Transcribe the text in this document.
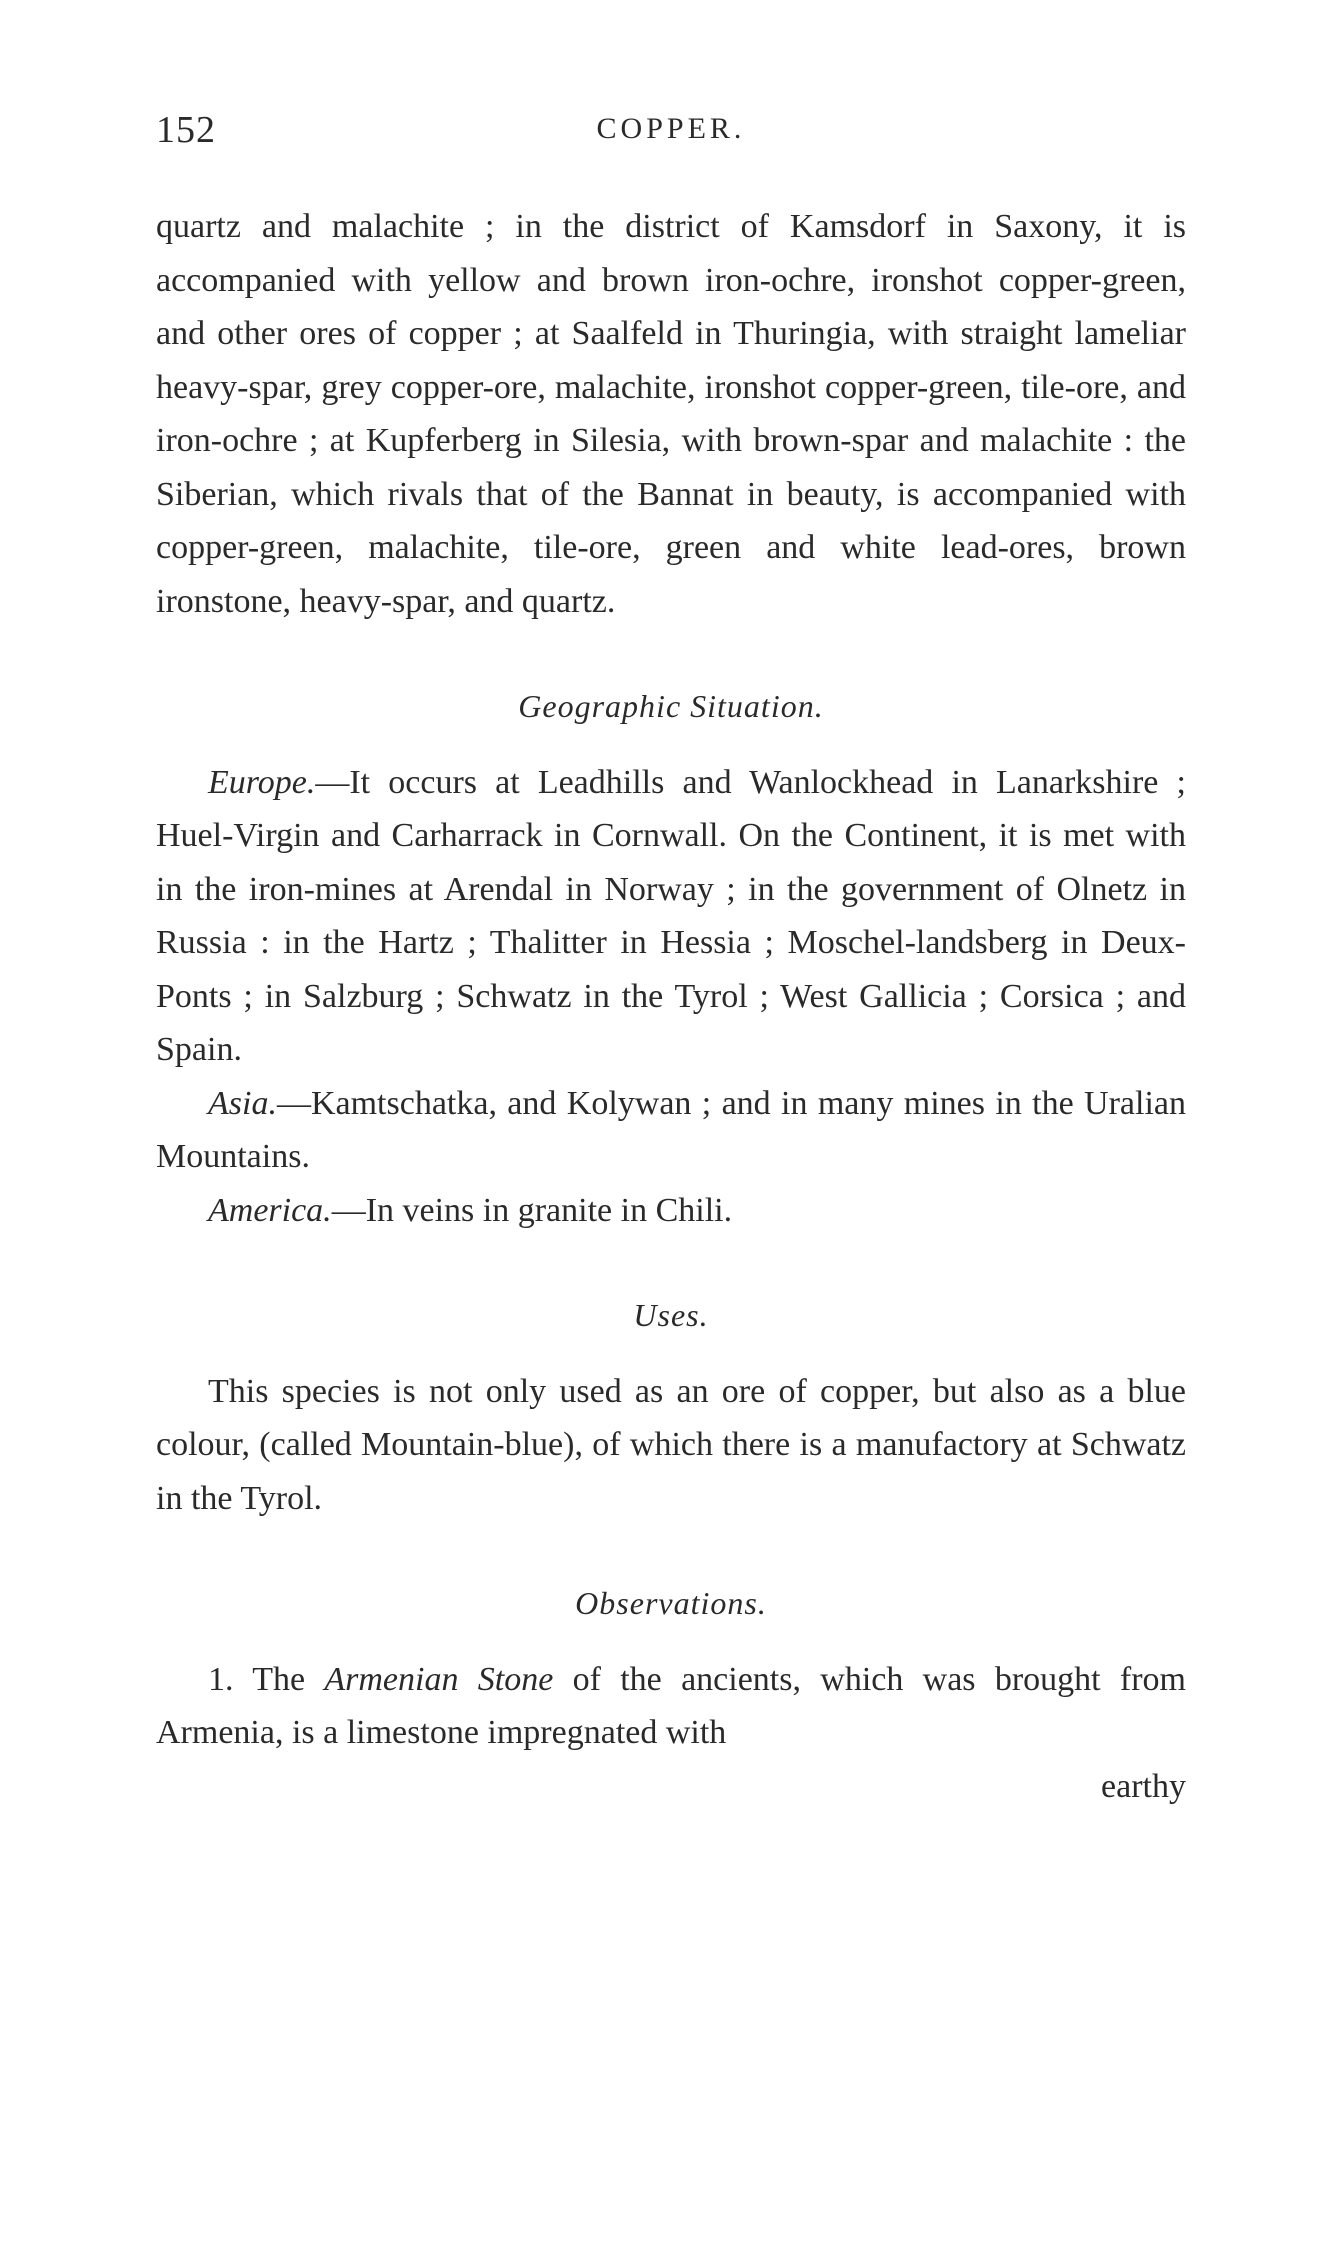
152	COPPER.

quartz and malachite ; in the district of Kamsdorf in Saxony, it is accompanied with yellow and brown iron-ochre, ironshot copper-green, and other ores of copper ; at Saalfeld in Thuringia, with straight lameliar heavy-spar, grey copper-ore, malachite, ironshot copper-green, tile-ore, and iron-ochre ; at Kupferberg in Silesia, with brown-spar and malachite : the Siberian, which rivals that of the Bannat in beauty, is accompanied with copper-green, malachite, tile-ore, green and white lead-ores, brown ironstone, heavy-spar, and quartz.

Geographic Situation.

Europe.—It occurs at Leadhills and Wanlockhead in Lanarkshire ; Huel-Virgin and Carharrack in Cornwall. On the Continent, it is met with in the iron-mines at Arendal in Norway ; in the government of Olnetz in Russia : in the Hartz ; Thalitter in Hessia ; Moschel-landsberg in Deux-Ponts ; in Salzburg ; Schwatz in the Tyrol ; West Gallicia ; Corsica ; and Spain.

Asia.—Kamtschatka, and Kolywan ; and in many mines in the Uralian Mountains.

America.—In veins in granite in Chili.

Uses.

This species is not only used as an ore of copper, but also as a blue colour, (called Mountain-blue), of which there is a manufactory at Schwatz in the Tyrol.

Observations.

1. The Armenian Stone of the ancients, which was brought from Armenia, is a limestone impregnated with

earthy
